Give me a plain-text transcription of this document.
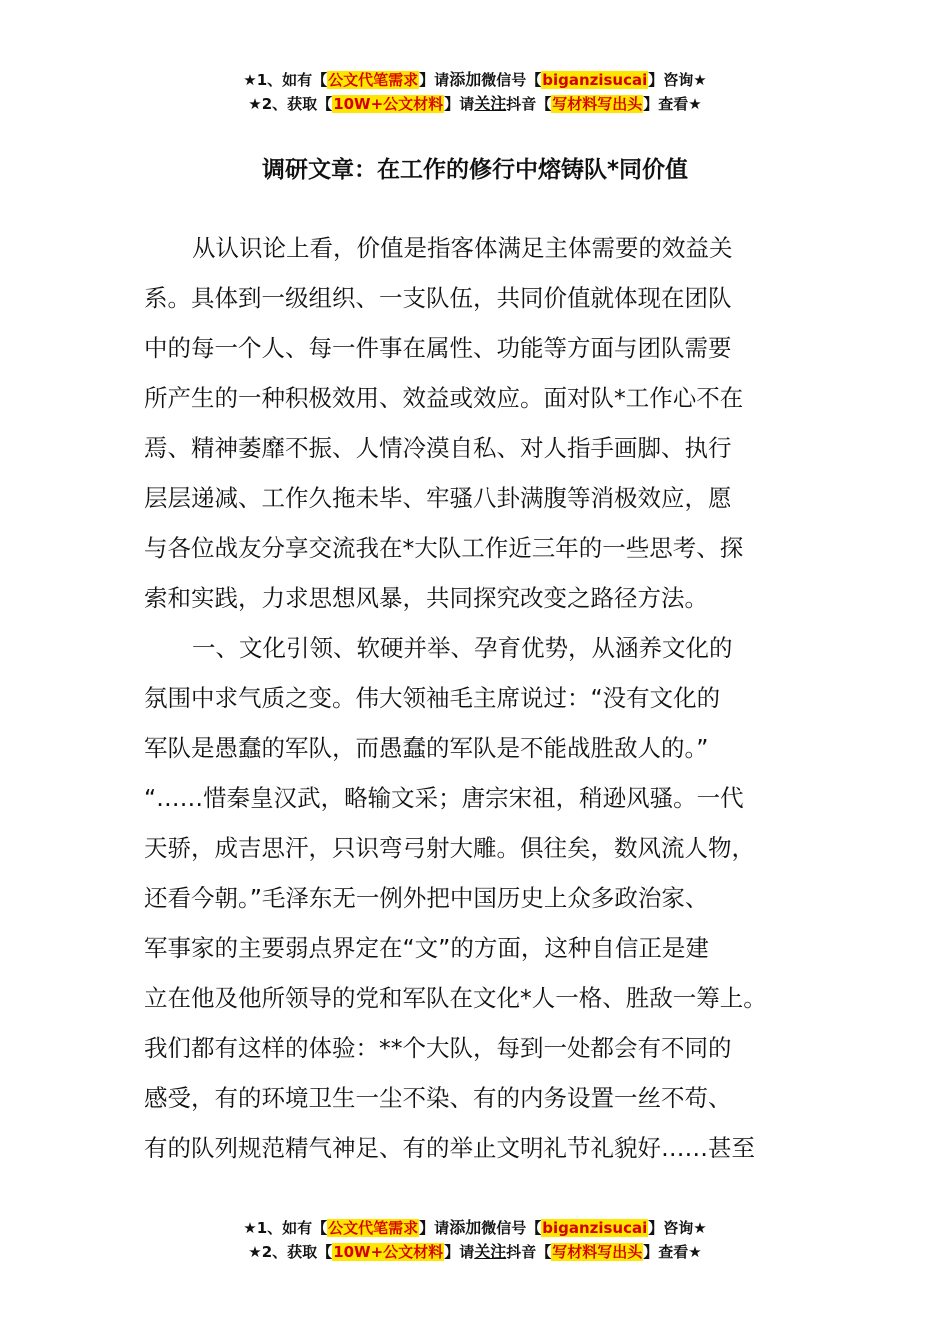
★1、如有【公文代笔需求】请添加微信号【biganzisucai】咨询★
★2、获取【10W+公文材料】请关注抖音【写材料写出头】查看★
调研文章：在工作的修行中熔铸队*同价值
从认识论上看，价值是指客体满足主体需要的效益关
系。具体到一级组织、一支队伍，共同价值就体现在团队
中的每一个人、每一件事在属性、功能等方面与团队需要
所产生的一种积极效用、效益或效应。面对队*工作心不在
焉、精神萎靡不振、人情冷漠自私、对人指手画脚、执行
层层递减、工作久拖未毕、牢骚八卦满腹等消极效应，愿
与各位战友分享交流我在*大队工作近三年的一些思考、探
索和实践，力求思想风暴，共同探究改变之路径方法。
一、文化引领、软硬并举、孕育优势，从涵养文化的
氛围中求气质之变。伟大领袖毛主席说过：“没有文化的
军队是愚蠢的军队，而愚蠢的军队是不能战胜敌人的。”
“……惜秦皇汉武，略输文采；唐宗宋祖，稍逊风骚。一代
天骄，成吉思汗，只识弯弓射大雕。俱往矣，数风流人物，
还看今朝。”毛泽东无一例外把中国历史上众多政治家、
军事家的主要弱点界定在“文”的方面，这种自信正是建
立在他及他所领导的党和军队在文化*人一格、胜敌一筹上。
我们都有这样的体验：**个大队，每到一处都会有不同的
感受，有的环境卫生一尘不染、有的内务设置一丝不苟、
有的队列规范精气神足、有的举止文明礼节礼貌好……甚至
★1、如有【公文代笔需求】请添加微信号【biganzisucai】咨询★
★2、获取【10W+公文材料】请关注抖音【写材料写出头】查看★
